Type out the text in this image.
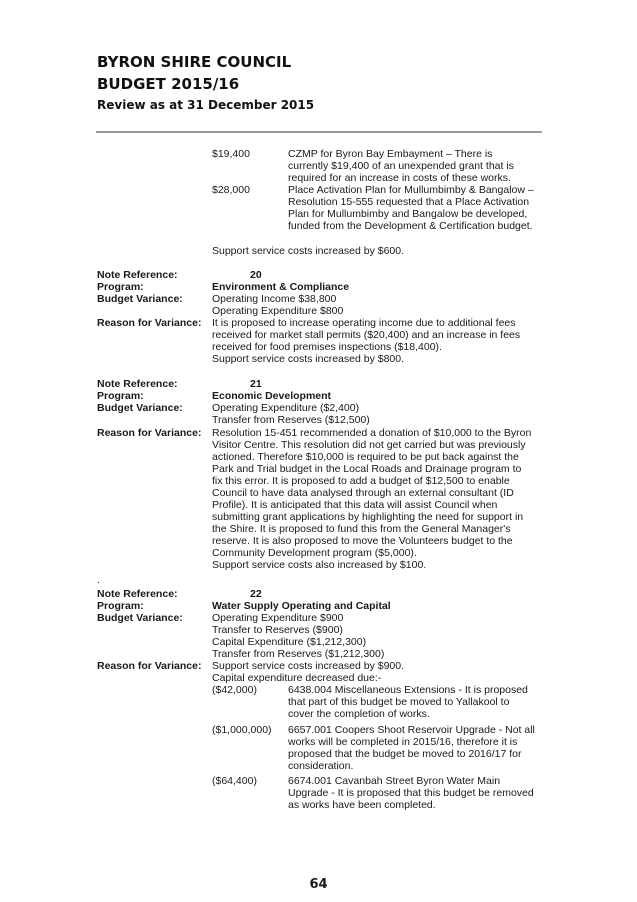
BYRON SHIRE COUNCIL
BUDGET 2015/16
Review as at 31 December 2015
$19,400	CZMP for Byron Bay Embayment – There is
currently $19,400 of an unexpended grant that is
required for an increase in costs of these works.
$28,000	Place Activation Plan for Mullumbimby & Bangalow –
Resolution 15-555 requested that a Place Activation
Plan for Mullumbimby and Bangalow be developed,
funded from the Development & Certification budget.
Support service costs increased by $600.
Note Reference:	20
Program:	Environment & Compliance
Budget Variance:	Operating Income $38,800
Operating Expenditure $800
Reason for Variance: It is proposed to increase operating income due to additional fees
received for market stall permits ($20,400) and an increase in fees
received for food premises inspections ($18,400).
Support service costs increased by $800.
Note Reference:	21
Program:	Economic Development
Budget Variance:	Operating Expenditure ($2,400)
Transfer from Reserves ($12,500)
Reason for Variance: Resolution 15-451 recommended a donation of $10,000 to the Byron
Visitor Centre. This resolution did not get carried but was previously
actioned. Therefore $10,000 is required to be put back against the
Park and Trial budget in the Local Roads and Drainage program to
fix this error. It is proposed to add a budget of $12,500 to enable
Council to have data analysed through an external consultant (ID
Profile). It is anticipated that this data will assist Council when
submitting grant applications by highlighting the need for support in
the Shire. It is proposed to fund this from the General Manager's
reserve. It is also proposed to move the Volunteers budget to the
Community Development program ($5,000).
Support service costs also increased by $100.
.
Note Reference:	22
Program:	Water Supply Operating and Capital
Budget Variance:	Operating Expenditure $900
Transfer to Reserves ($900)
Capital Expenditure ($1,212,300)
Transfer from Reserves ($1,212,300)
Reason for Variance: Support service costs increased by $900.
Capital expenditure decreased due:-
($42,000)	6438.004 Miscellaneous Extensions - It is proposed
that part of this budget be moved to Yallakool to
cover the completion of works.
($1,000,000) 6657.001 Coopers Shoot Reservoir Upgrade - Not all
works will be completed in 2015/16, therefore it is
proposed that the budget be moved to 2016/17 for
consideration.
($64,400)	6674.001 Cavanbah Street Byron Water Main
Upgrade - It is proposed that this budget be removed
as works have been completed.
64
